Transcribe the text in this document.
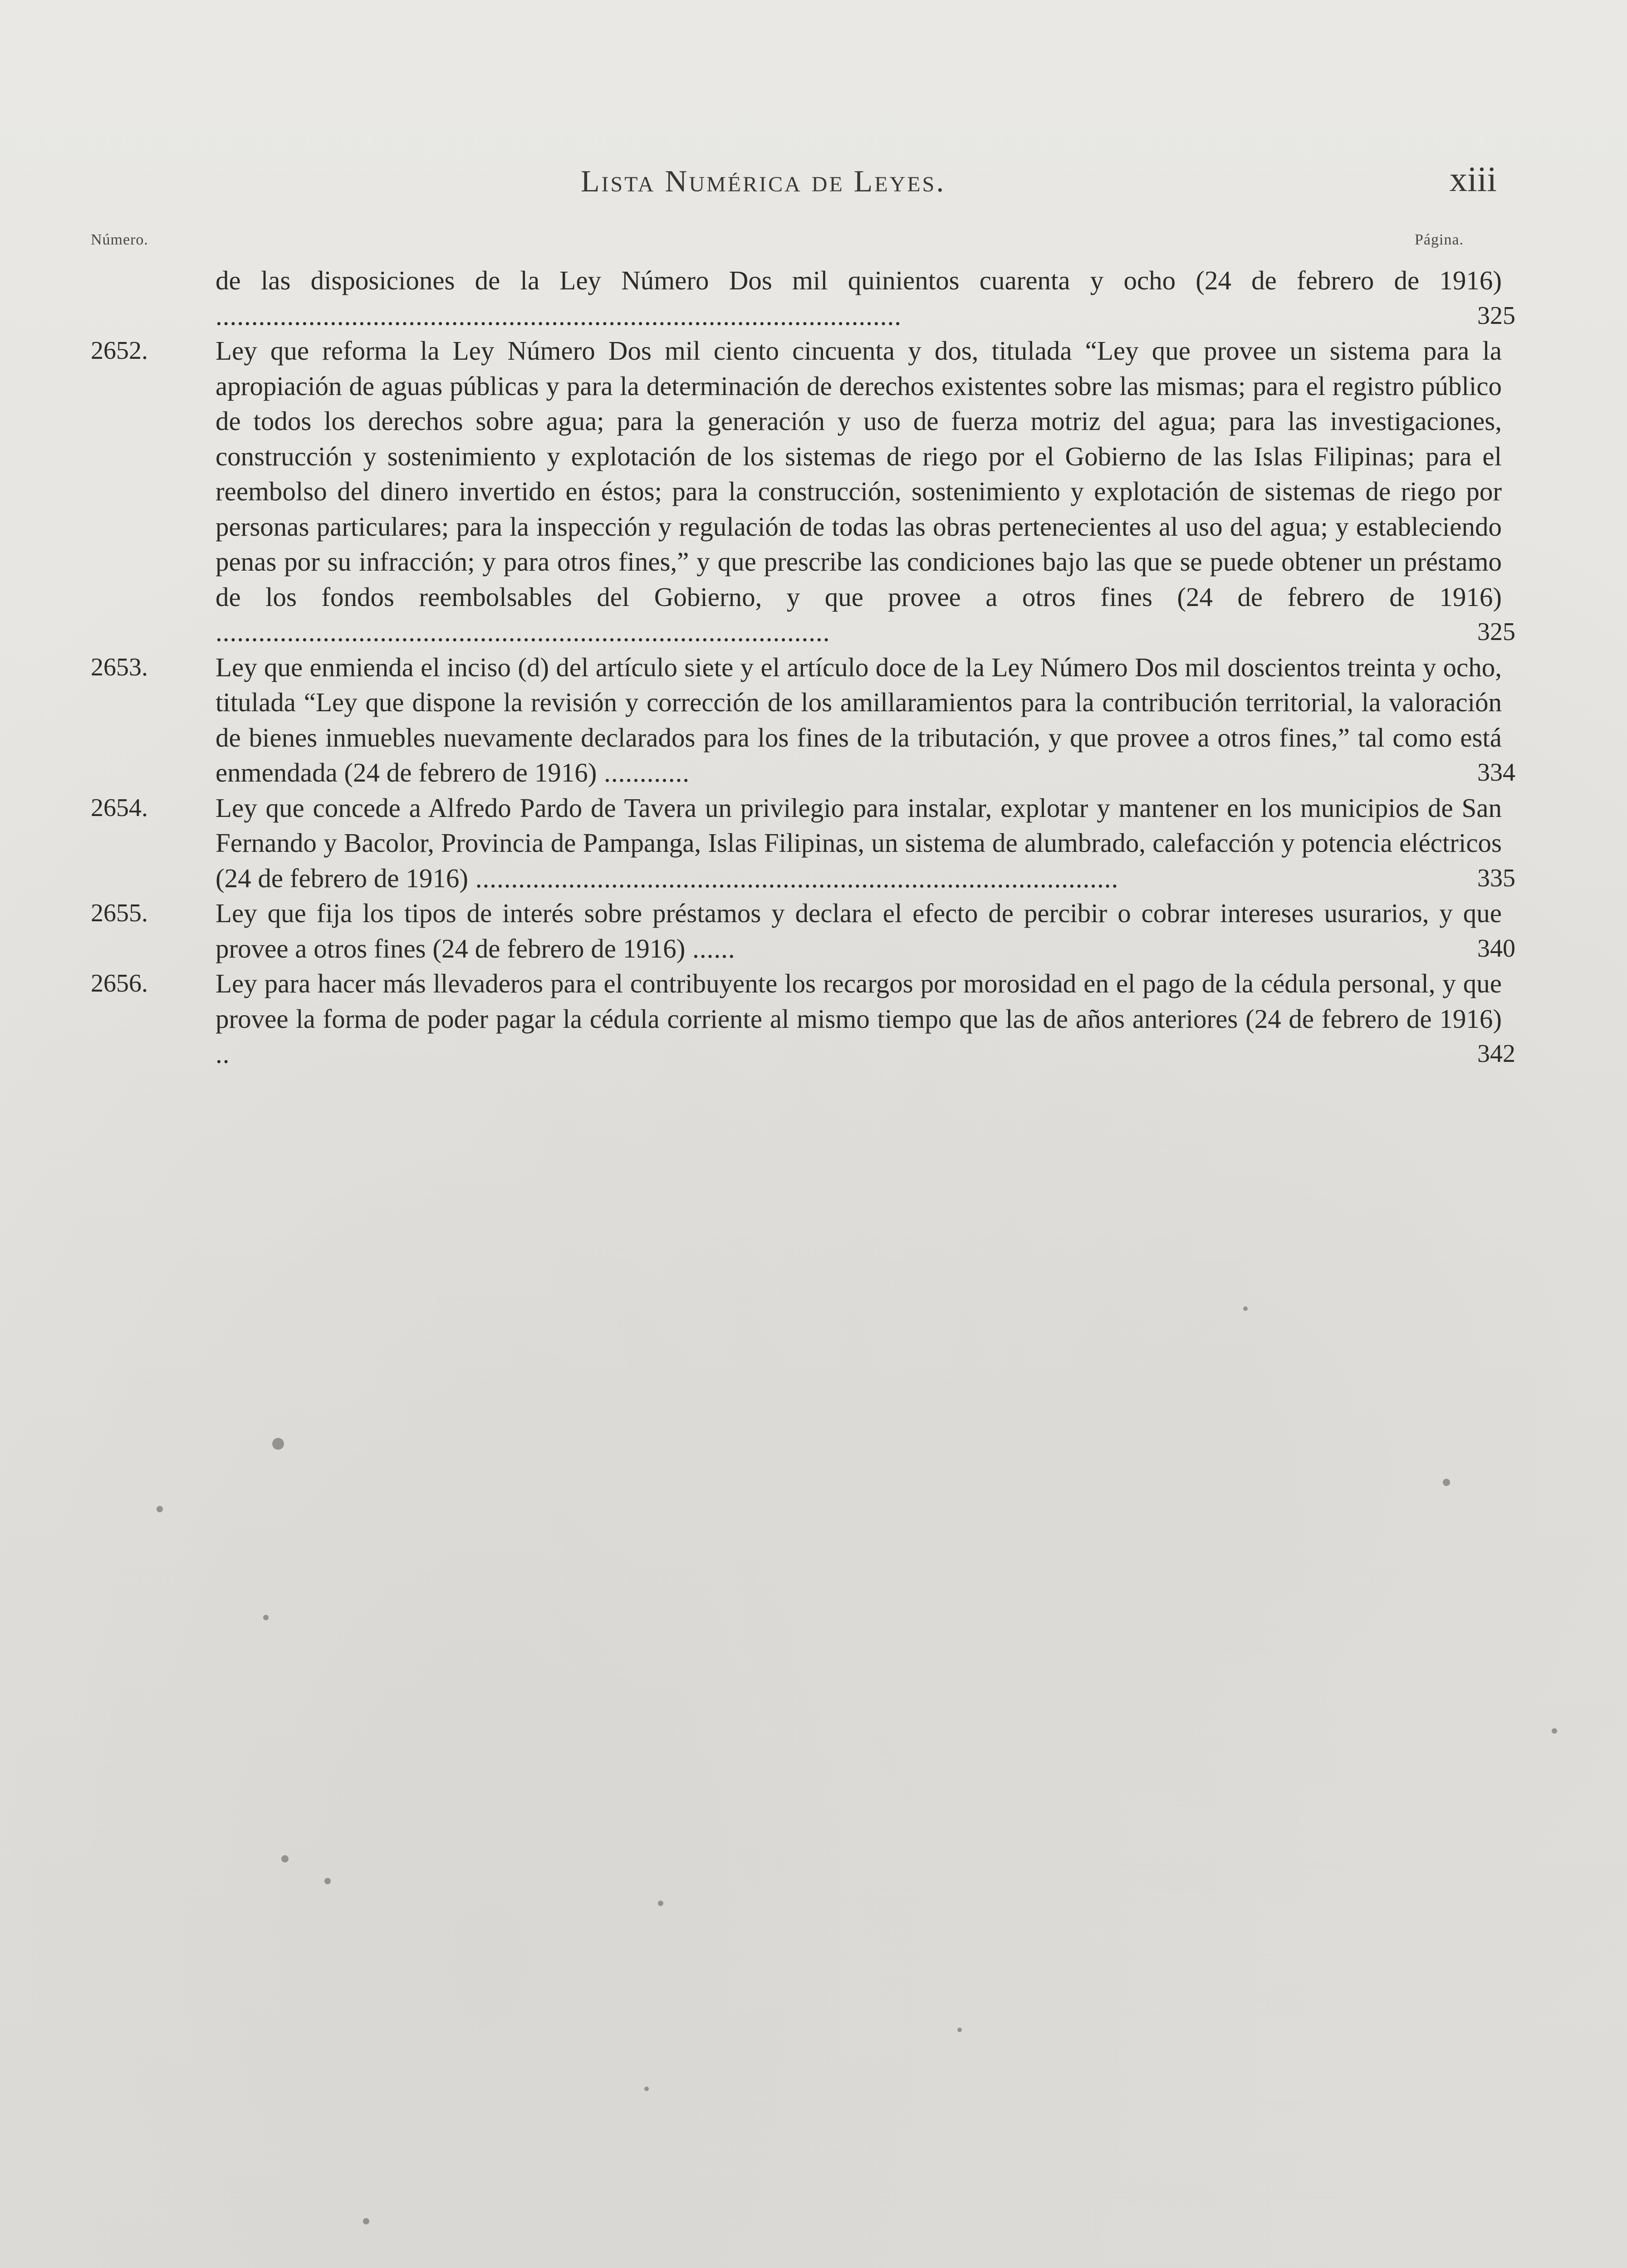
Lista Numérica de Leyes.	xiii
Número.	Página.
de las disposiciones de la Ley Número Dos mil quinientos cuarenta y ocho (24 de febrero de 1916) ................................................................................................	325
2652.	Ley que reforma la Ley Número Dos mil ciento cincuenta y dos, titulada “Ley que provee un sistema para la apropiación de aguas públicas y para la determinación de derechos existentes sobre las mismas; para el registro público de todos los derechos sobre agua; para la generación y uso de fuerza motriz del agua; para las investigaciones, construcción y sostenimiento y explotación de los sistemas de riego por el Gobierno de las Islas Filipinas; para el reembolso del dinero invertido en éstos; para la construcción, sostenimiento y explotación de sistemas de riego por personas particulares; para la inspección y regulación de todas las obras pertenecientes al uso del agua; y estableciendo penas por su infracción; y para otros fines,” y que prescribe las condiciones bajo las que se puede obtener un préstamo de los fondos reembolsables del Gobierno, y que provee a otros fines (24 de febrero de 1916) ......................................................................................	325
2653.	Ley que enmienda el inciso (d) del artículo siete y el artículo doce de la Ley Número Dos mil doscientos treinta y ocho, titulada “Ley que dispone la revisión y corrección de los amillaramientos para la contribución territorial, la valoración de bienes inmuebles nuevamente declarados para los fines de la tributación, y que provee a otros fines,” tal como está enmendada (24 de febrero de 1916) ............	334
2654.	Ley que concede a Alfredo Pardo de Tavera un privilegio para instalar, explotar y mantener en los municipios de San Fernando y Bacolor, Provincia de Pampanga, Islas Filipinas, un sistema de alumbrado, calefacción y potencia eléctricos (24 de febrero de 1916) ..........................................................................................	335
2655.	Ley que fija los tipos de interés sobre préstamos y declara el efecto de percibir o cobrar intereses usurarios, y que provee a otros fines (24 de febrero de 1916) ......	340
2656.	Ley para hacer más llevaderos para el contribuyente los recargos por morosidad en el pago de la cédula personal, y que provee la forma de poder pagar la cédula corriente al mismo tiempo que las de años anteriores (24 de febrero de 1916) ..	342
